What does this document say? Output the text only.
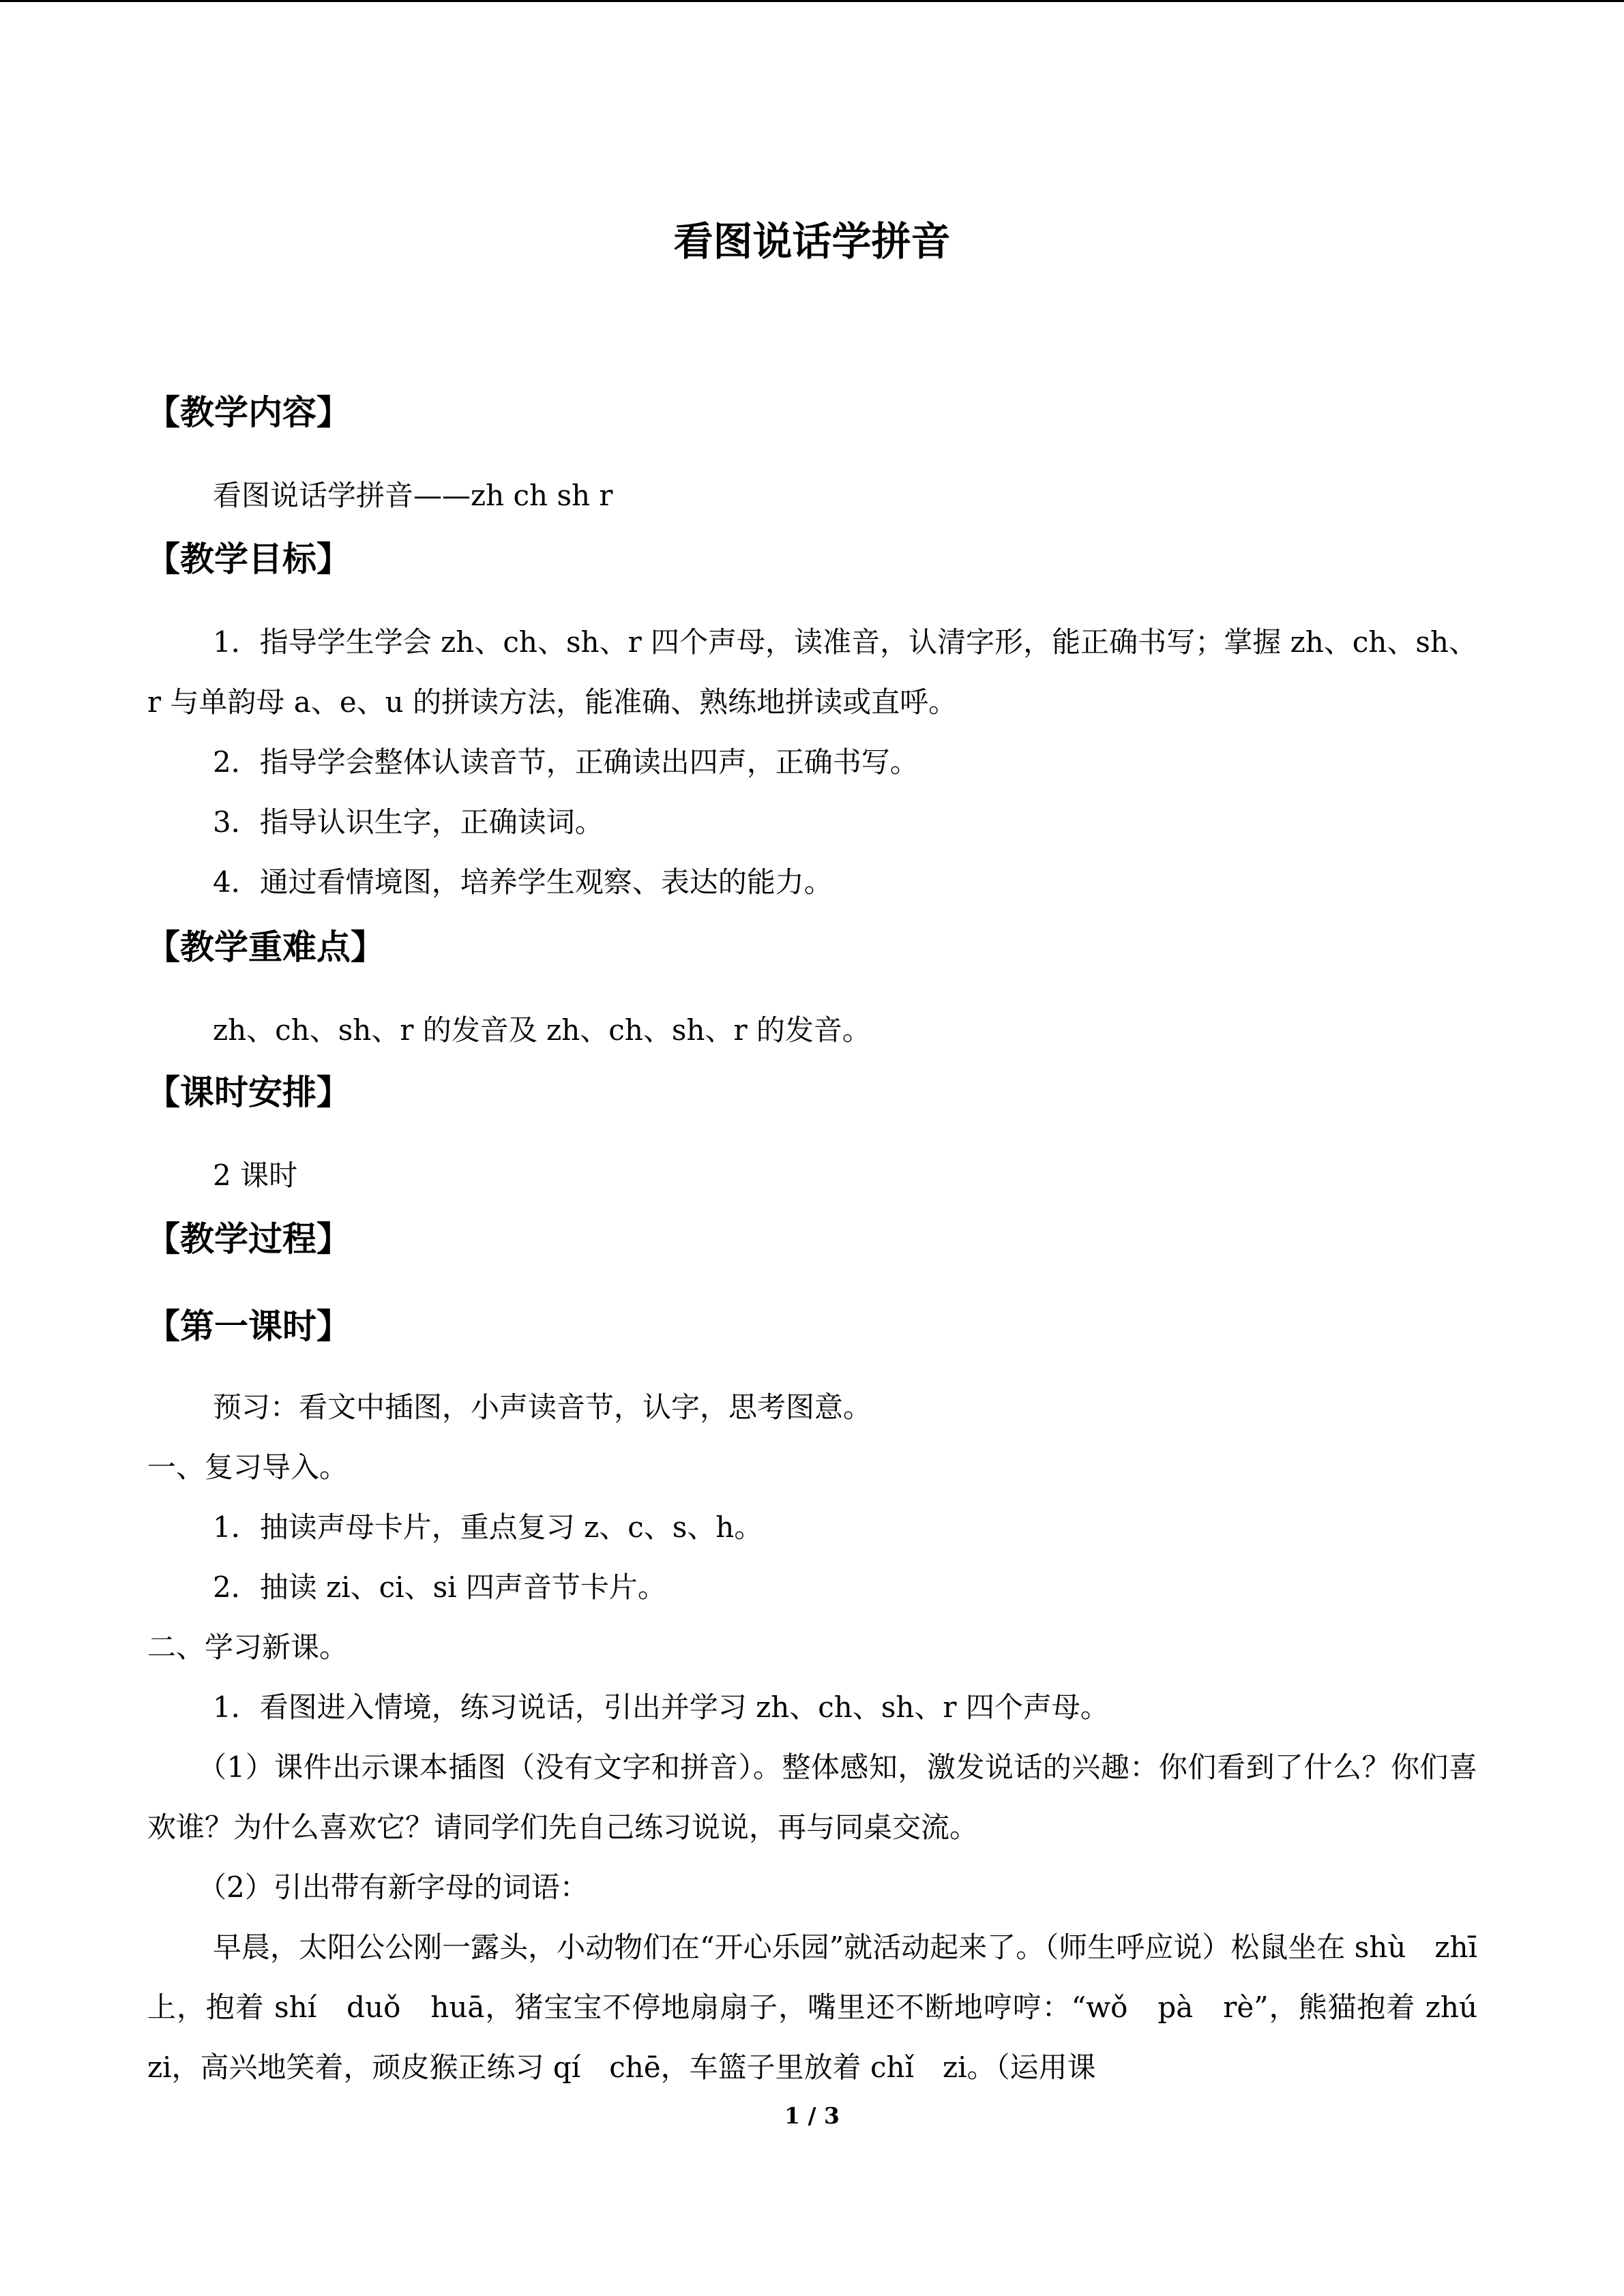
看图说话学拼音
【教学内容】
看图说话学拼音——zh ch sh r
【教学目标】
1．指导学生学会 zh、ch、sh、r 四个声母，读准音，认清字形，能正确书写；掌握 zh、ch、sh、r 与单韵母 a、e、u 的拼读方法，能准确、熟练地拼读或直呼。
2．指导学会整体认读音节，正确读出四声，正确书写。
3．指导认识生字，正确读词。
4．通过看情境图，培养学生观察、表达的能力。
【教学重难点】
zh、ch、sh、r 的发音及 zh、ch、sh、r 的发音。
【课时安排】
2 课时
【教学过程】
【第一课时】
预习：看文中插图，小声读音节，认字，思考图意。
一、复习导入。
1．抽读声母卡片，重点复习 z、c、s、h。
2．抽读 zi、ci、si 四声音节卡片。
二、学习新课。
1．看图进入情境，练习说话，引出并学习 zh、ch、sh、r 四个声母。
（1）课件出示课本插图（没有文字和拼音）。整体感知，激发说话的兴趣：你们看到了什么？你们喜欢谁？为什么喜欢它？请同学们先自己练习说说，再与同桌交流。
（2）引出带有新字母的词语：
早晨，太阳公公刚一露头，小动物们在“开心乐园”就活动起来了。（师生呼应说）松鼠坐在 shù　zhī 上，抱着 shí　duǒ　huā，猪宝宝不停地扇扇子，嘴里还不断地哼哼：“wǒ　pà　rè”，熊猫抱着 zhú　zi，高兴地笑着，顽皮猴正练习 qí　chē，车篮子里放着 chǐ　zi。（运用课
1 / 3
